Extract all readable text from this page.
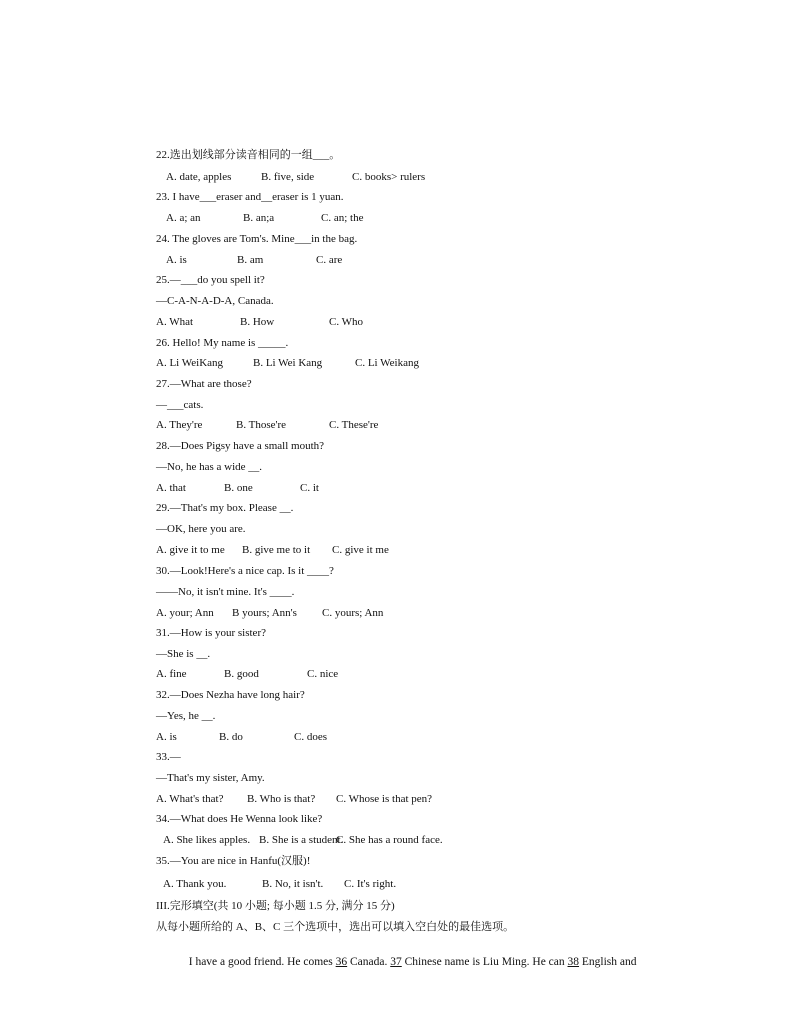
22.选出划线部分读音相同的一组___。
A. date, apples	B. five, side	C. books> rulers
23. I have___eraser and__eraser is 1 yuan.
A. a; an	B. an;a	C. an; the
24. The gloves are Tom's. Mine___in the bag.
A. is	B. am	C. are
25.—___do you spell it?
—C-A-N-A-D-A, Canada.
A. What	B. How	C. Who
26. Hello! My name is _____.
A. Li WeiKang	B. Li Wei Kang	C. Li Weikang
27.—What are those?
—___cats.
A. They're	B. Those're	C. These're
28.—Does Pigsy have a small mouth?
—No, he has a wide __.
A. that	B. one	C. it
29.—That's my box. Please __.
—OK, here you are.
A. give it to me B. give me to it C. give it me
30.—Look!Here's a nice cap. Is it ____?
——No, it isn't mine. It's ____.
A. your; Ann B yours; Ann's C. yours; Ann
31.—How is your sister?
—She is __.
A. fine	B. good	C. nice
32.—Does Nezha have long hair?
—Yes, he __.
A. is	B. do	C. does
33.—
—That's my sister, Amy.
A. What's that? B. Who is that? C. Whose is that pen?
34.—What does He Wenna look like?
A. She likes apples. B. She is a student.
C. She has a round face.
35.—You are nice in Hanfu(汉服)!
A. Thank you.	B. No, it isn't. C. It's right.
III.完形填空(共 10 小题; 每小题 1.5 分, 满分 15 分)
从每小题所给的 A、B、C 三个选项中，选出可以填入空白处的最佳选项。

I have a good friend. He comes 36 Canada. 37 Chinese name is Liu Ming. He can 38 English and
